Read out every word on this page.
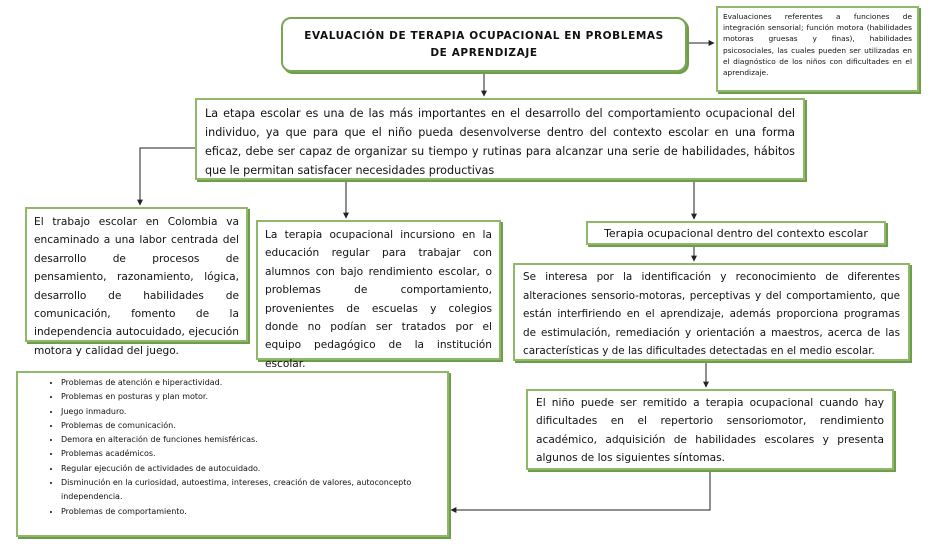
EVALUACIÓN DE TERAPIA OCUPACIONAL EN PROBLEMAS DE APRENDIZAJE
Evaluaciones referentes a funciones de integración sensorial; función motora (habilidades motoras gruesas y finas), habilidades psicosociales, las cuales pueden ser utilizadas en el diagnóstico de los niños con dificultades en el aprendizaje.
La etapa escolar es una de las más importantes en el desarrollo del comportamiento ocupacional del individuo, ya que para que el niño pueda desenvolverse dentro del contexto escolar en una forma eficaz, debe ser capaz de organizar su tiempo y rutinas para alcanzar una serie de habilidades, hábitos que le permitan satisfacer necesidades productivas
El trabajo escolar en Colombia va encaminado a una labor centrada del desarrollo de procesos de pensamiento, razonamiento, lógica, desarrollo de habilidades de comunicación, fomento de la independencia autocuidado, ejecución motora y calidad del juego.
La terapia ocupacional incursiono en la educación regular para trabajar con alumnos con bajo rendimiento escolar, o problemas de comportamiento, provenientes de escuelas y colegios donde no podían ser tratados por el equipo pedagógico de la institución escolar.
Terapia ocupacional dentro del contexto escolar
Se interesa por la identificación y reconocimiento de diferentes alteraciones sensorio-motoras, perceptivas y del comportamiento, que están interfiriendo en el aprendizaje, además proporciona programas de estimulación, remediación y orientación a maestros, acerca de las características y de las dificultades detectadas en el medio escolar.
El niño puede ser remitido a terapia ocupacional cuando hay dificultades en el repertorio sensoriomotor, rendimiento académico, adquisición de habilidades escolares y presenta algunos de los siguientes síntomas.
• Problemas de atención e hiperactividad.
• Problemas en posturas y plan motor.
• Juego inmaduro.
• Problemas de comunicación.
• Demora en alteración de funciones hemisféricas.
• Problemas académicos.
• Regular ejecución de actividades de autocuidado.
• Disminución en la curiosidad, autoestima, intereses, creación de valores, autoconcepto independencia.
• Problemas de comportamiento.
